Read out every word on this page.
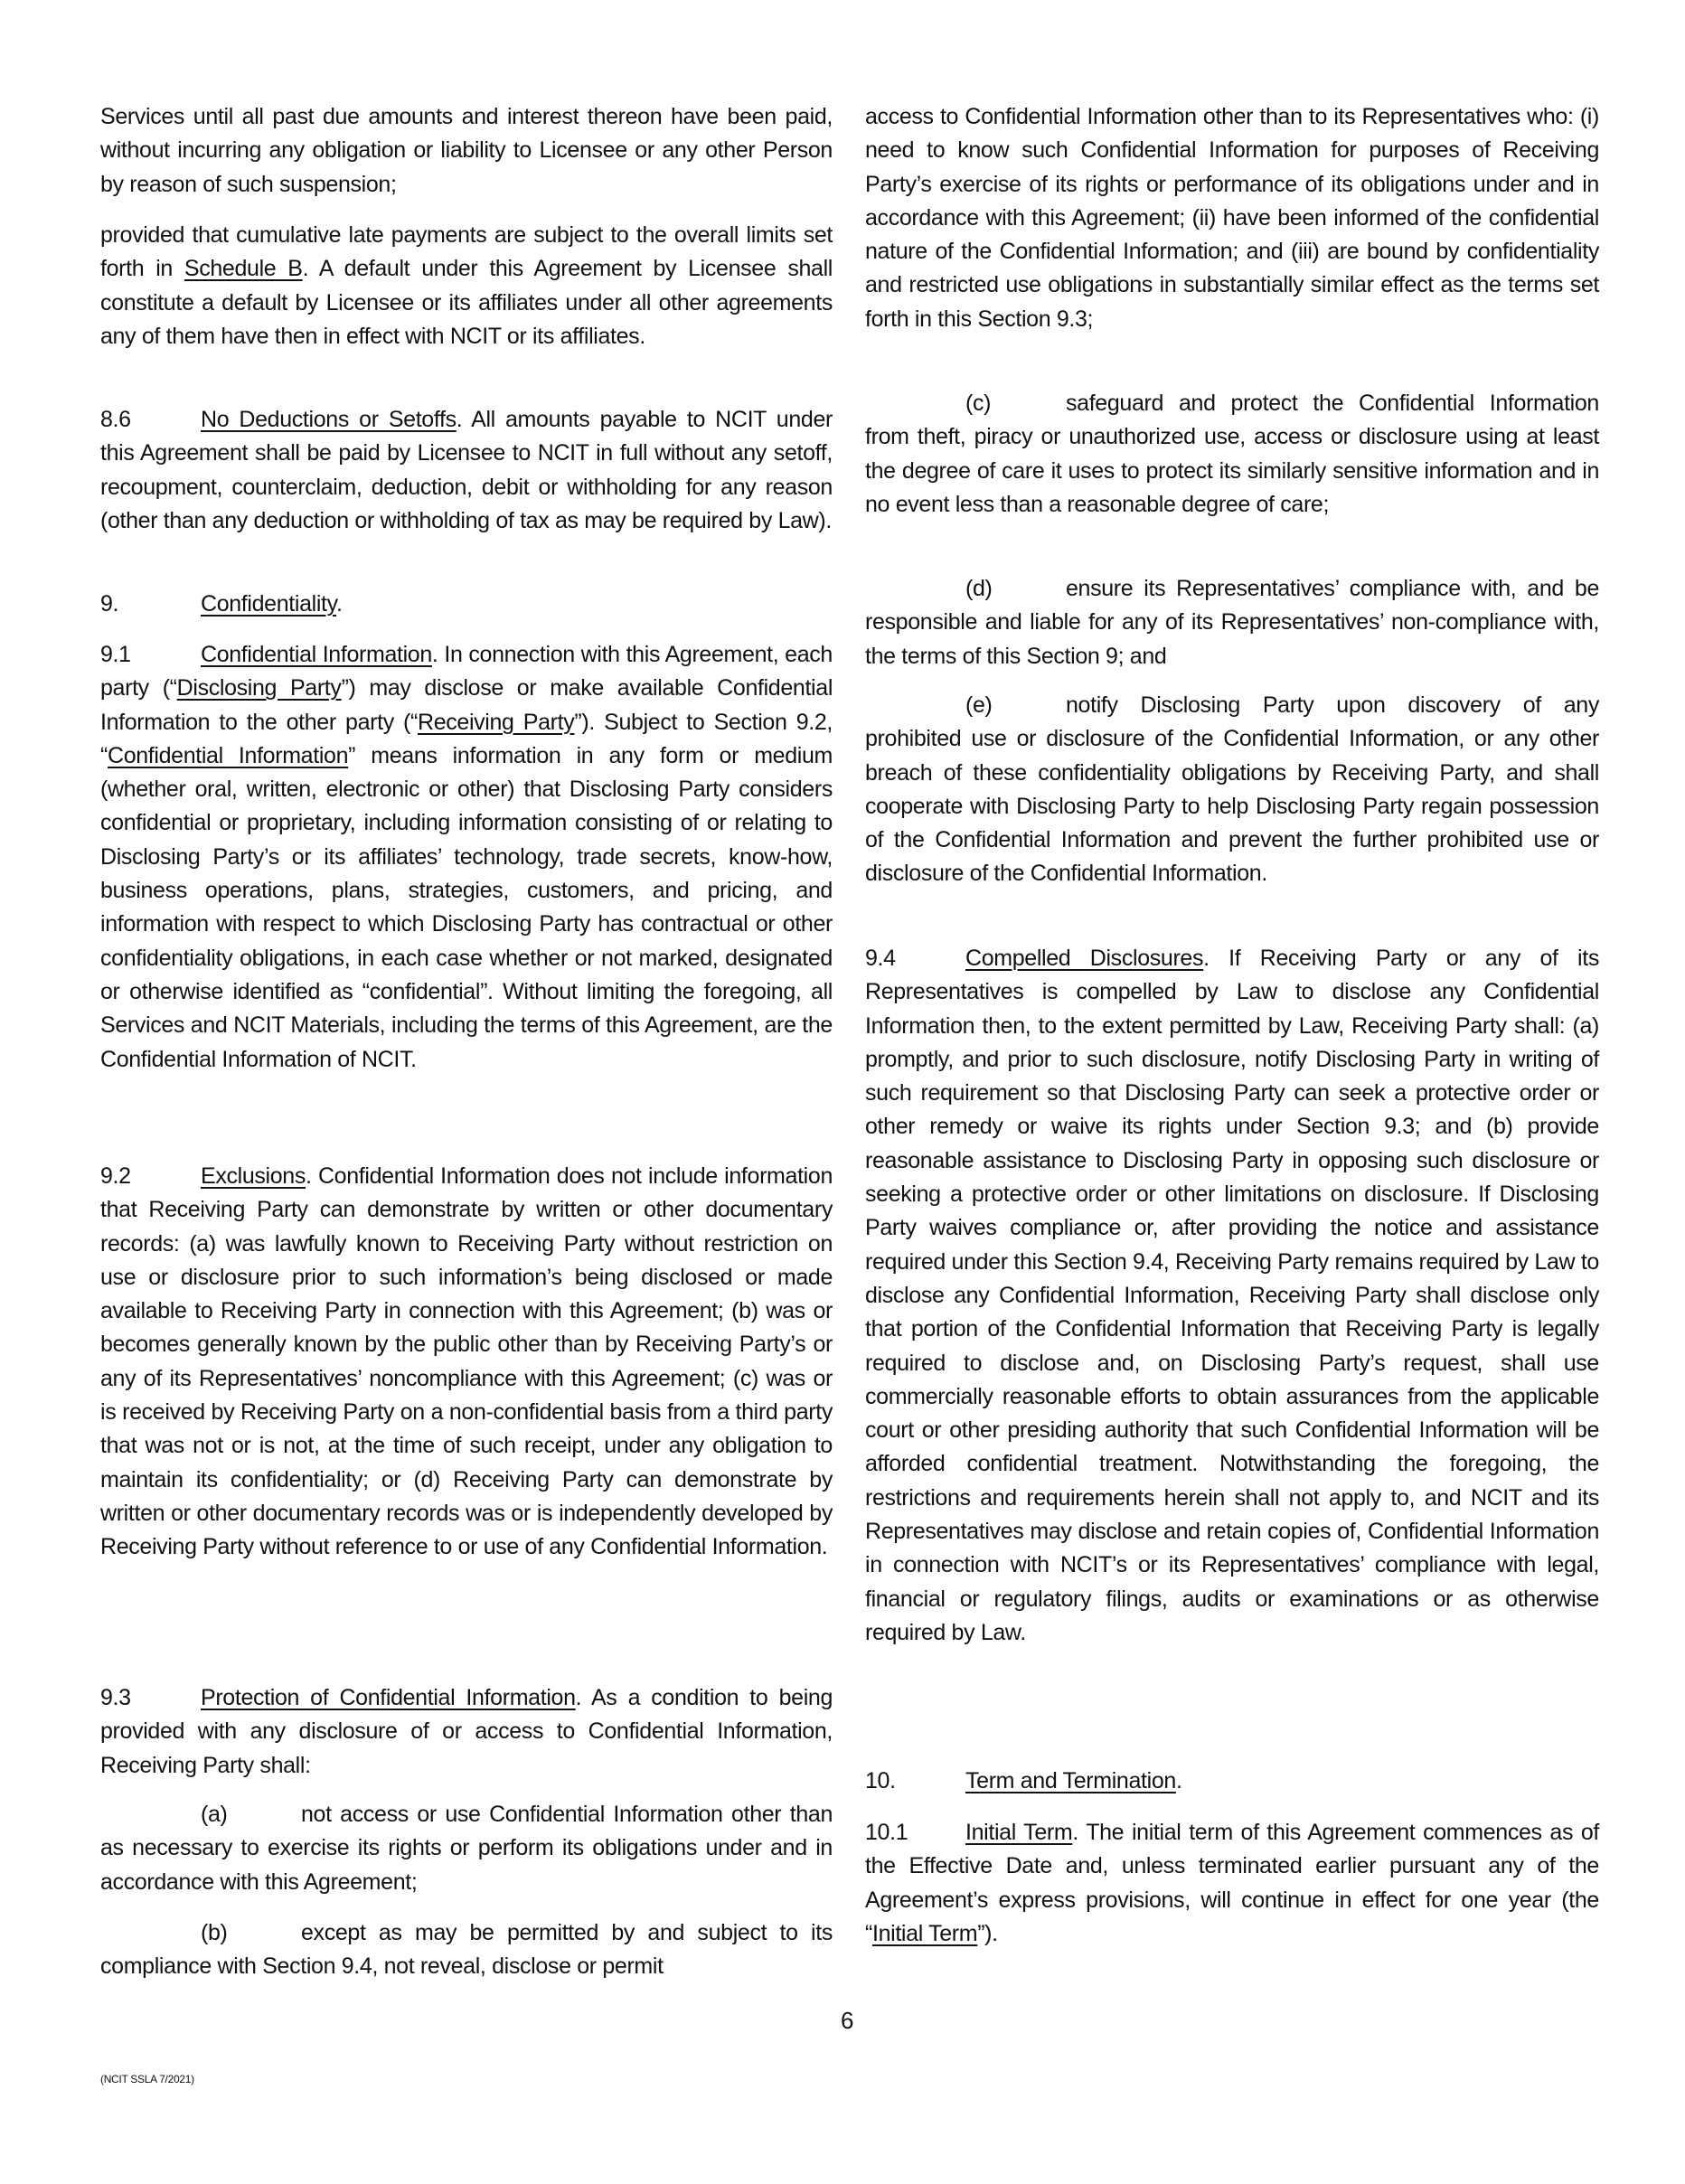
Services until all past due amounts and interest thereon have been paid, without incurring any obligation or liability to Licensee or any other Person by reason of such suspension;
provided that cumulative late payments are subject to the overall limits set forth in Schedule B. A default under this Agreement by Licensee shall constitute a default by Licensee or its affiliates under all other agreements any of them have then in effect with NCIT or its affiliates.
8.6	No Deductions or Setoffs. All amounts payable to NCIT under this Agreement shall be paid by Licensee to NCIT in full without any setoff, recoupment, counterclaim, deduction, debit or withholding for any reason (other than any deduction or withholding of tax as may be required by Law).
9.	Confidentiality.
9.1	Confidential Information. In connection with this Agreement, each party (“Disclosing Party”) may disclose or make available Confidential Information to the other party (“Receiving Party”). Subject to Section 9.2, “Confidential Information” means information in any form or medium (whether oral, written, electronic or other) that Disclosing Party considers confidential or proprietary, including information consisting of or relating to Disclosing Party’s or its affiliates’ technology, trade secrets, know-how, business operations, plans, strategies, customers, and pricing, and information with respect to which Disclosing Party has contractual or other confidentiality obligations, in each case whether or not marked, designated or otherwise identified as “confidential”. Without limiting the foregoing, all Services and NCIT Materials, including the terms of this Agreement, are the Confidential Information of NCIT.
9.2	Exclusions. Confidential Information does not include information that Receiving Party can demonstrate by written or other documentary records: (a) was lawfully known to Receiving Party without restriction on use or disclosure prior to such information’s being disclosed or made available to Receiving Party in connection with this Agreement; (b) was or becomes generally known by the public other than by Receiving Party’s or any of its Representatives’ noncompliance with this Agreement; (c) was or is received by Receiving Party on a non-confidential basis from a third party that was not or is not, at the time of such receipt, under any obligation to maintain its confidentiality; or (d) Receiving Party can demonstrate by written or other documentary records was or is independently developed by Receiving Party without reference to or use of any Confidential Information.
9.3	Protection of Confidential Information. As a condition to being provided with any disclosure of or access to Confidential Information, Receiving Party shall:
(a)	not access or use Confidential Information other than as necessary to exercise its rights or perform its obligations under and in accordance with this Agreement;
(b)	except as may be permitted by and subject to its compliance with Section 9.4, not reveal, disclose or permit
access to Confidential Information other than to its Representatives who: (i) need to know such Confidential Information for purposes of Receiving Party’s exercise of its rights or performance of its obligations under and in accordance with this Agreement; (ii) have been informed of the confidential nature of the Confidential Information; and (iii) are bound by confidentiality and restricted use obligations in substantially similar effect as the terms set forth in this Section 9.3;
(c)	safeguard and protect the Confidential Information from theft, piracy or unauthorized use, access or disclosure using at least the degree of care it uses to protect its similarly sensitive information and in no event less than a reasonable degree of care;
(d)	ensure its Representatives’ compliance with, and be responsible and liable for any of its Representatives’ non-compliance with, the terms of this Section 9; and
(e)	notify Disclosing Party upon discovery of any prohibited use or disclosure of the Confidential Information, or any other breach of these confidentiality obligations by Receiving Party, and shall cooperate with Disclosing Party to help Disclosing Party regain possession of the Confidential Information and prevent the further prohibited use or disclosure of the Confidential Information.
9.4	Compelled Disclosures. If Receiving Party or any of its Representatives is compelled by Law to disclose any Confidential Information then, to the extent permitted by Law, Receiving Party shall: (a) promptly, and prior to such disclosure, notify Disclosing Party in writing of such requirement so that Disclosing Party can seek a protective order or other remedy or waive its rights under Section 9.3; and (b) provide reasonable assistance to Disclosing Party in opposing such disclosure or seeking a protective order or other limitations on disclosure. If Disclosing Party waives compliance or, after providing the notice and assistance required under this Section 9.4, Receiving Party remains required by Law to disclose any Confidential Information, Receiving Party shall disclose only that portion of the Confidential Information that Receiving Party is legally required to disclose and, on Disclosing Party’s request, shall use commercially reasonable efforts to obtain assurances from the applicable court or other presiding authority that such Confidential Information will be afforded confidential treatment. Notwithstanding the foregoing, the restrictions and requirements herein shall not apply to, and NCIT and its Representatives may disclose and retain copies of, Confidential Information in connection with NCIT’s or its Representatives’ compliance with legal, financial or regulatory filings, audits or examinations or as otherwise required by Law.
10.	Term and Termination.
10.1	Initial Term. The initial term of this Agreement commences as of the Effective Date and, unless terminated earlier pursuant any of the Agreement’s express provisions, will continue in effect for one year (the “Initial Term”).
6
(NCIT SSLA 7/2021)
